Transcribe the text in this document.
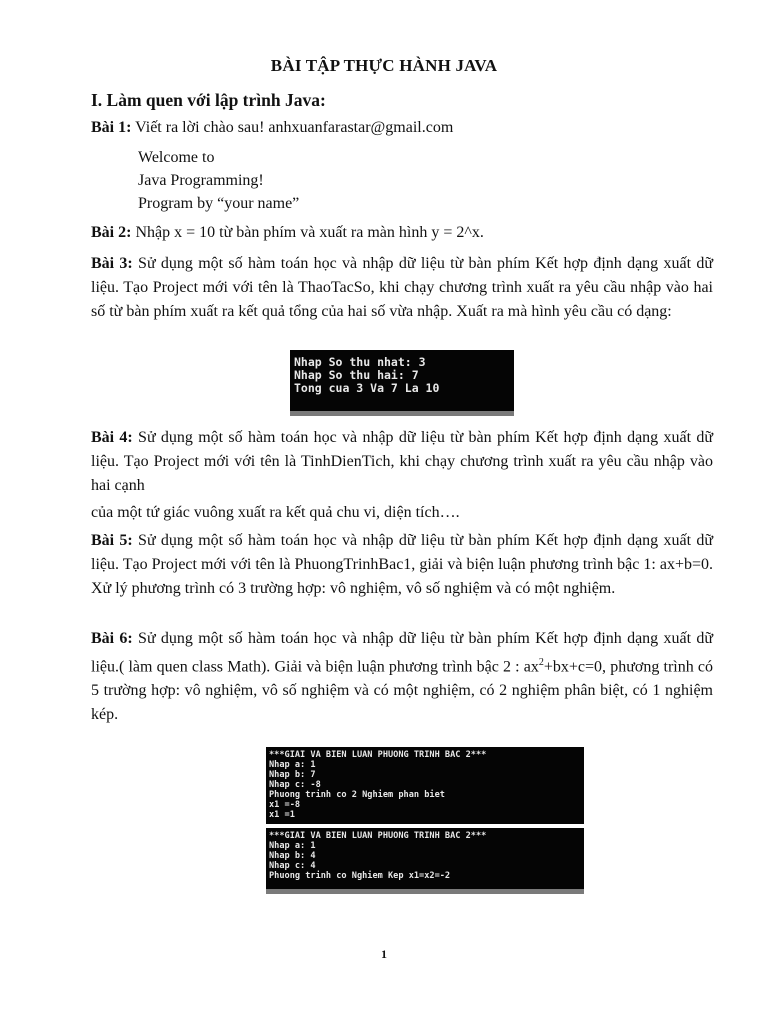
BÀI TẬP THỰC HÀNH JAVA
I. Làm quen với lập trình Java:
Bài 1: Viết ra lời chào sau! anhxuanfarastar@gmail.com
Welcome to
Java Programming!
Program by “your name”
Bài 2: Nhập x = 10 từ bàn phím và xuất ra màn hình y = 2^x.
Bài 3: Sử dụng một số hàm toán học và nhập dữ liệu từ bàn phím Kết hợp định dạng xuất dữ liệu. Tạo Project mới với tên là ThaoTacSo, khi chạy chương trình xuất ra yêu cầu nhập vào hai số từ bàn phím xuất ra kết quả tổng của hai số vừa nhập. Xuất ra mà hình yêu cầu có dạng:
Nhap So thu nhat: 3
Nhap So thu hai: 7
Tong cua 3 Va 7 La 10
Bài 4: Sử dụng một số hàm toán học và nhập dữ liệu từ bàn phím Kết hợp định dạng xuất dữ liệu. Tạo Project mới với tên là TinhDienTich, khi chạy chương trình xuất ra yêu cầu nhập vào hai cạnh
của một tứ giác vuông xuất ra kết quả chu vi, diện tích….
Bài 5: Sử dụng một số hàm toán học và nhập dữ liệu từ bàn phím Kết hợp định dạng xuất dữ liệu. Tạo Project mới với tên là PhuongTrinhBac1, giải và biện luận phương trình bậc 1: ax+b=0. Xử lý phương trình có 3 trường hợp: vô nghiệm, vô số nghiệm và có một nghiệm.
Bài 6: Sử dụng một số hàm toán học và nhập dữ liệu từ bàn phím Kết hợp định dạng xuất dữ liệu.( làm quen class Math). Giải và biện luận phương trình bậc 2 : $ax^2+bx+c=0$, phương trình có 5 trường hợp: vô nghiệm, vô số nghiệm và có một nghiệm, có 2 nghiệm phân biệt, có 1 nghiệm kép.
***GIAI VA BIEN LUAN PHUONG TRINH BAC 2***
Nhap a: 1
Nhap b: 7
Nhap c: -8
Phuong trinh co 2 Nghiem phan biet
x1 =-8
x1 =1
***GIAI VA BIEN LUAN PHUONG TRINH BAC 2***
Nhap a: 1
Nhap b: 4
Nhap c: 4
Phuong trinh co Nghiem Kep x1=x2=-2
1
